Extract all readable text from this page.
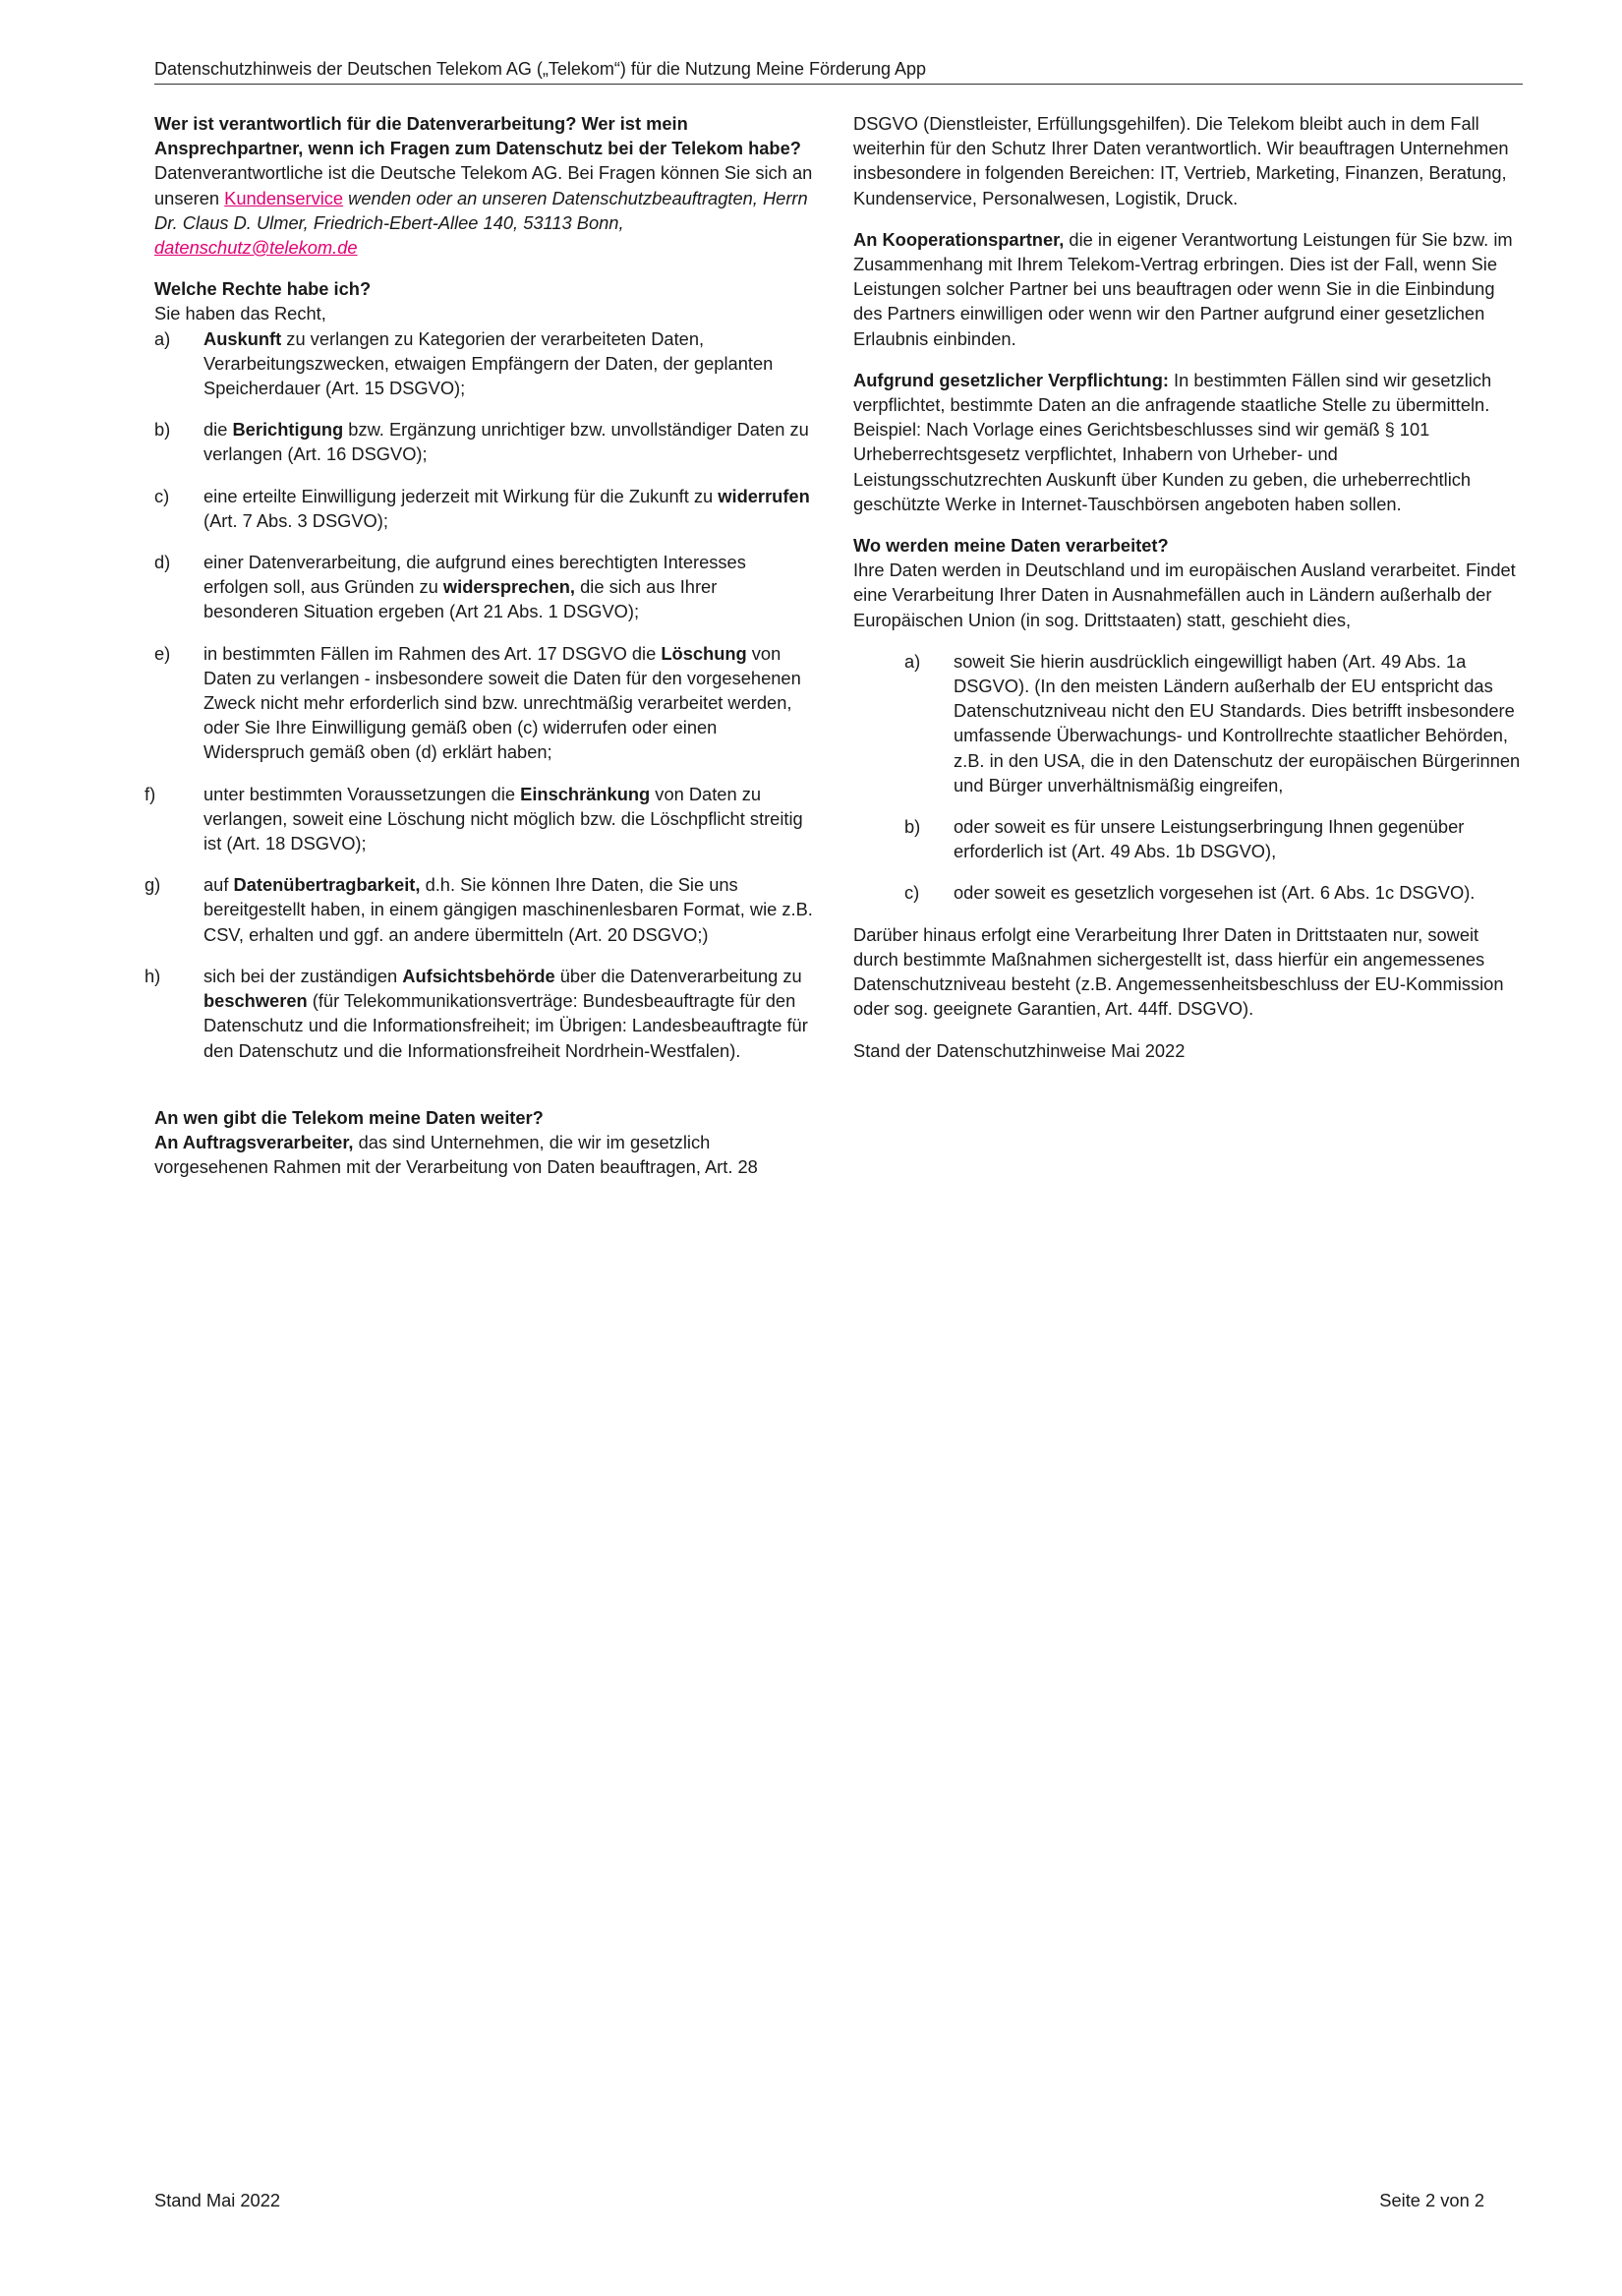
Datenschutzhinweis der Deutschen Telekom AG („Telekom“) für die Nutzung Meine Förderung App
Wer ist verantwortlich für die Datenverarbeitung? Wer ist mein Ansprechpartner, wenn ich Fragen zum Datenschutz bei der Telekom habe?

Datenverantwortliche ist die Deutsche Telekom AG. Bei Fragen können Sie sich an unseren Kundenservice wenden oder an unseren Datenschutzbeauftragten, Herrn Dr. Claus D. Ulmer, Friedrich-Ebert-Allee 140, 53113 Bonn, datenschutz@telekom.de

Welche Rechte habe ich?

Sie haben das Recht,

a) Auskunft zu verlangen zu Kategorien der verarbeiteten Daten, Verarbeitungszwecken, etwaigen Empfängern der Daten, der geplanten Speicherdauer (Art. 15 DSGVO);
b) die Berichtigung bzw. Ergänzung unrichtiger bzw. unvollständiger Daten zu verlangen (Art. 16 DSGVO);
c) eine erteilte Einwilligung jederzeit mit Wirkung für die Zukunft zu widerrufen (Art. 7 Abs. 3 DSGVO);
d) einer Datenverarbeitung, die aufgrund eines berechtigten Interesses erfolgen soll, aus Gründen zu widersprechen, die sich aus Ihrer besonderen Situation ergeben (Art 21 Abs. 1 DSGVO);
e) in bestimmten Fällen im Rahmen des Art. 17 DSGVO die Löschung von Daten zu verlangen - insbesondere soweit die Daten für den vorgesehenen Zweck nicht mehr erforderlich sind bzw. unrechtmäßig verarbeitet werden, oder Sie Ihre Einwilligung gemäß oben (c) widerrufen oder einen Widerspruch gemäß oben (d) erklärt haben;
f)	unter bestimmten Voraussetzungen die Einschränkung von Daten zu verlangen, soweit eine Löschung nicht möglich bzw. die Löschpflicht streitig ist (Art. 18 DSGVO);
g) auf Datenübertragbarkeit, d.h. Sie können Ihre Daten, die Sie uns bereitgestellt haben, in einem gängigen maschinenlesbaren Format, wie z.B. CSV, erhalten und ggf. an andere übermitteln (Art. 20 DSGVO;)
h) sich bei der zuständigen Aufsichtsbehörde über die Datenverarbeitung zu beschweren (für Telekommunikationsverträge: Bundesbeauftragte für den Datenschutz und die Informationsfreiheit; im Übrigen: Landesbeauftragte für den Datenschutz und die Informationsfreiheit Nordrhein-Westfalen).
An wen gibt die Telekom meine Daten weiter?

An Auftragsverarbeiter, das sind Unternehmen, die wir im gesetzlich vorgesehenen Rahmen mit der Verarbeitung von Daten beauftragen, Art. 28

DSGVO (Dienstleister, Erfüllungsgehilfen). Die Telekom bleibt auch in dem Fall weiterhin für den Schutz Ihrer Daten verantwortlich. Wir beauftragen Unternehmen insbesondere in folgenden Bereichen: IT, Vertrieb, Marketing, Finanzen, Beratung, Kundenservice, Personalwesen, Logistik, Druck.

An Kooperationspartner, die in eigener Verantwortung Leistungen für Sie bzw. im Zusammenhang mit Ihrem Telekom-Vertrag erbringen. Dies ist der Fall, wenn Sie Leistungen solcher Partner bei uns beauftragen oder wenn Sie in die Einbindung des Partners einwilligen oder wenn wir den Partner aufgrund einer gesetzlichen Erlaubnis einbinden.

Aufgrund gesetzlicher Verpflichtung: In bestimmten Fällen sind wir gesetzlich verpflichtet, bestimmte Daten an die anfragende staatliche Stelle zu übermitteln. Beispiel: Nach Vorlage eines Gerichtsbeschlusses sind wir gemäß § 101 Urheberrechtsgesetz verpflichtet, Inhabern von Urheber- und Leistungsschutzrechten Auskunft über Kunden zu geben, die urheberrechtlich geschützte Werke in Internet-Tauschbörsen angeboten haben sollen.

Wo werden meine Daten verarbeitet?

Ihre Daten werden in Deutschland und im europäischen Ausland verarbeitet. Findet eine Verarbeitung Ihrer Daten in Ausnahmefällen auch in Ländern außerhalb der Europäischen Union (in sog. Drittstaaten) statt, geschieht dies,

a) soweit Sie hierin ausdrücklich eingewilligt haben (Art. 49 Abs. 1a DSGVO). (In den meisten Ländern außerhalb der EU entspricht das Datenschutzniveau nicht den EU Standards. Dies betrifft insbesondere umfassende Überwachungs- und Kontrollrechte staatlicher Behörden, z.B. in den USA, die in den Datenschutz der europäischen Bürgerinnen und Bürger unverhältnismäßig eingreifen,
b) oder soweit es für unsere Leistungserbringung Ihnen gegenüber erforderlich ist (Art. 49 Abs. 1b DSGVO),
c) oder soweit es gesetzlich vorgesehen ist (Art. 6 Abs. 1c DSGVO).

Darüber hinaus erfolgt eine Verarbeitung Ihrer Daten in Drittstaaten nur, soweit durch bestimmte Maßnahmen sichergestellt ist, dass hierfür ein angemessenes Datenschutzniveau besteht (z.B. Angemessenheitsbeschluss der EU-Kommission oder sog. geeignete Garantien, Art. 44ff. DSGVO).

Stand der Datenschutzhinweise Mai 2022

Stand Mai 2022	Seite 2 von 2
